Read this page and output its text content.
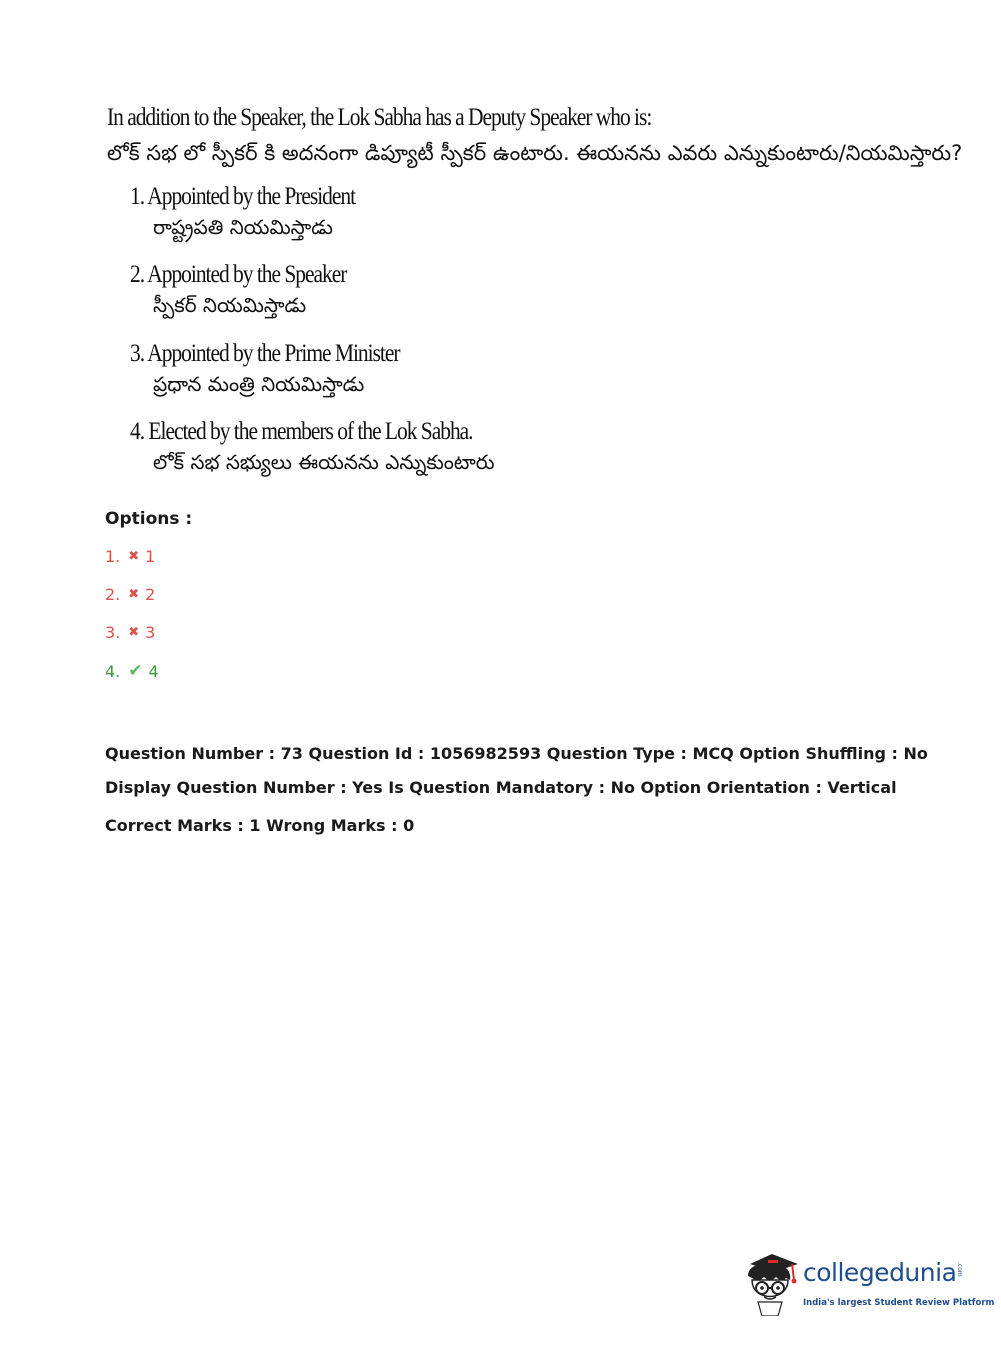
In addition to the Speaker, the Lok Sabha has a Deputy Speaker who is:
లోక్ సభ లో స్పీకర్ కి అదనంగా డిప్యూటీ స్పీకర్ ఉంటారు. ఈయనను ఎవరు ఎన్నుకుంటారు/నియమిస్తారు?
1. Appointed by the President
రాష్ట్రపతి నియమిస్తాడు
2. Appointed by the Speaker
స్పీకర్ నియమిస్తాడు
3. Appointed by the Prime Minister
ప్రధాన మంత్రి నియమిస్తాడు
4. Elected by the members of the Lok Sabha.
లోక్ సభ సభ్యులు ఈయనను ఎన్నుకుంటారు
Options :
1. ✖ 1
2. ✖ 2
3. ✖ 3
4. ✔ 4
Question Number : 73 Question Id : 1056982593 Question Type : MCQ Option Shuffling : No
Display Question Number : Yes Is Question Mandatory : No Option Orientation : Vertical
Correct Marks : 1 Wrong Marks : 0
collegedunia .com
India's largest Student Review Platform
